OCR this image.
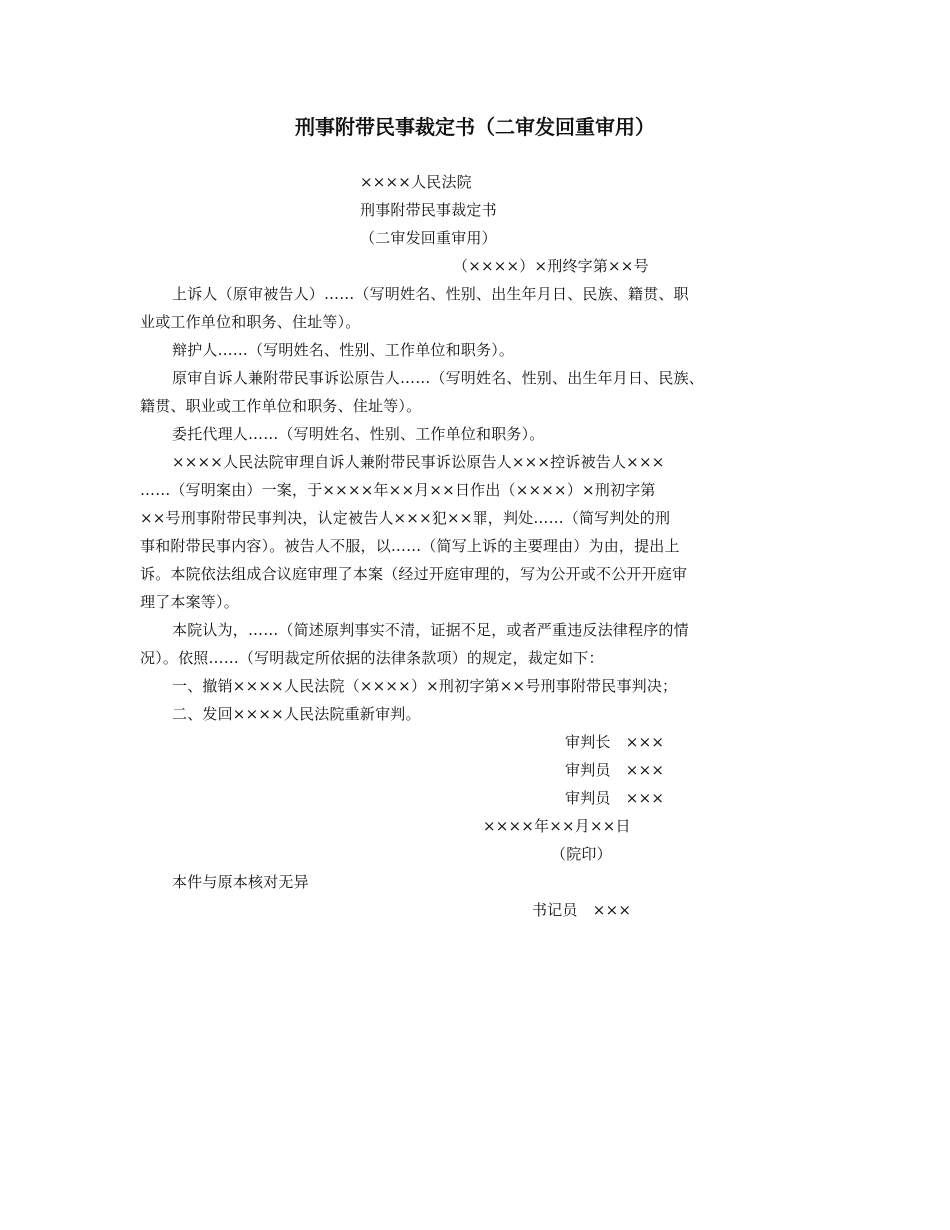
刑事附带民事裁定书（二审发回重审用）
××××人民法院
刑事附带民事裁定书
（二审发回重审用）
（××××）×刑终字第××号
上诉人（原审被告人）……（写明姓名、性别、出生年月日、民族、籍贯、职
业或工作单位和职务、住址等）。
辩护人……（写明姓名、性别、工作单位和职务）。
原审自诉人兼附带民事诉讼原告人……（写明姓名、性别、出生年月日、民族、
籍贯、职业或工作单位和职务、住址等）。
委托代理人……（写明姓名、性别、工作单位和职务）。
××××人民法院审理自诉人兼附带民事诉讼原告人×××控诉被告人×××
……（写明案由）一案，于××××年××月××日作出（××××）×刑初字第
××号刑事附带民事判决，认定被告人×××犯××罪，判处……（简写判处的刑
事和附带民事内容）。被告人不服，以……（简写上诉的主要理由）为由，提出上
诉。本院依法组成合议庭审理了本案（经过开庭审理的，写为公开或不公开开庭审
理了本案等）。
本院认为，……（简述原判事实不清，证据不足，或者严重违反法律程序的情
况）。依照……（写明裁定所依据的法律条款项）的规定，裁定如下：
一、撤销××××人民法院（××××）×刑初字第××号刑事附带民事判决；
二、发回××××人民法院重新审判。
审判长　×××
审判员　×××
审判员　×××
××××年××月××日
（院印）
本件与原本核对无异
书记员　×××
